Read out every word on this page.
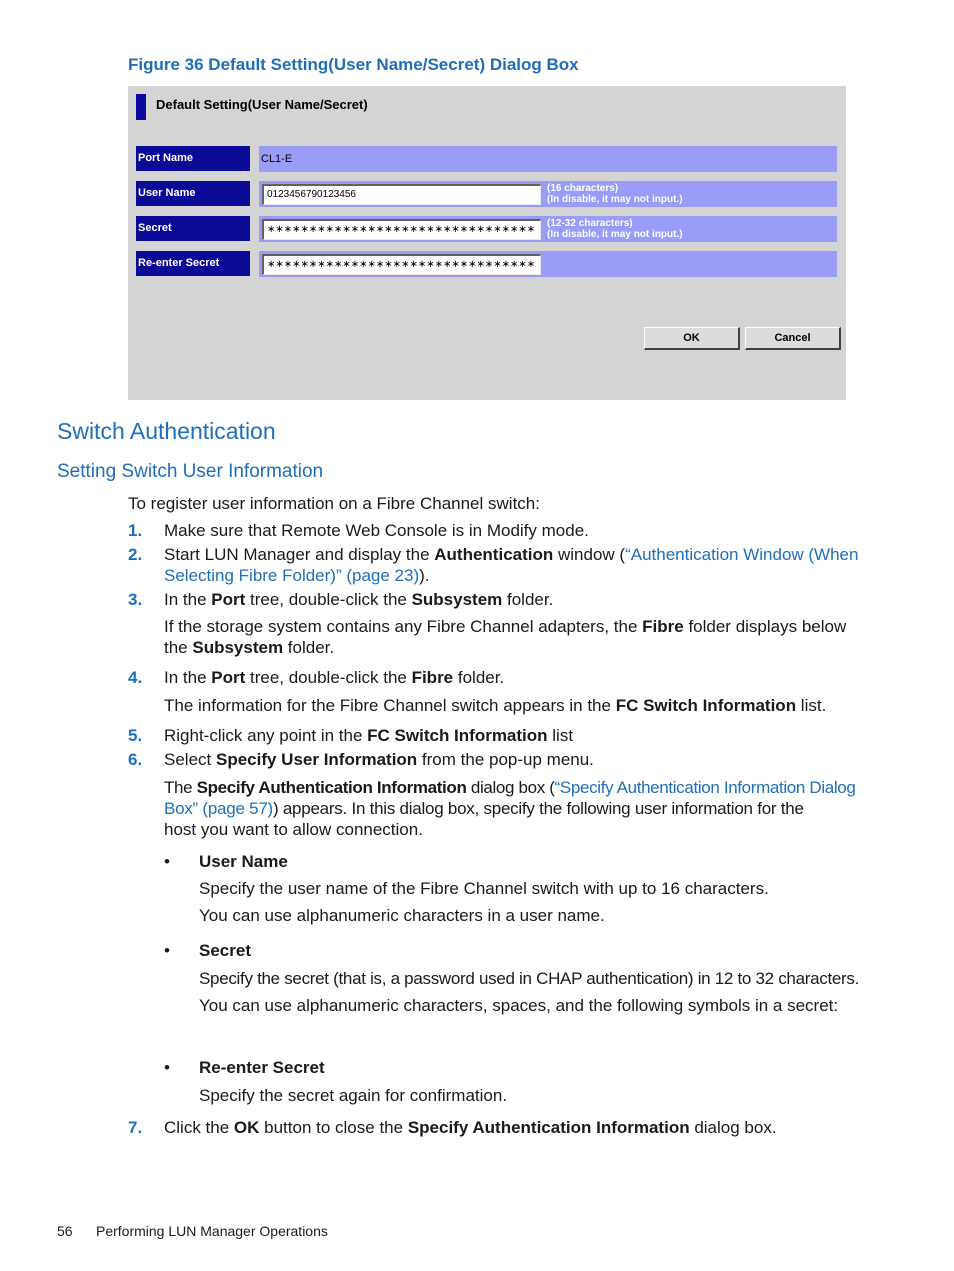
Figure 36 Default Setting(User Name/Secret) Dialog Box
Default Setting(User Name/Secret)
Port Name	CL1-E
User Name	0123456790123456
(16 characters)
(In disable, it may not input.)
Secret	∗∗∗∗∗∗∗∗∗∗∗∗∗∗∗∗∗∗∗∗∗∗∗∗∗∗∗∗∗∗∗∗
(12-32 characters)
(In disable, it may not input.)
Re-enter Secret	∗∗∗∗∗∗∗∗∗∗∗∗∗∗∗∗∗∗∗∗∗∗∗∗∗∗∗∗∗∗∗∗
OK	Cancel
Switch Authentication
Setting Switch User Information
To register user information on a Fibre Channel switch:
1. Make sure that Remote Web Console is in Modify mode.
2. Start LUN Manager and display the Authentication window (“Authentication Window (When
Selecting Fibre Folder)” (page 23)).
3. In the Port tree, double-click the Subsystem folder.
If the storage system contains any Fibre Channel adapters, the Fibre folder displays below
the Subsystem folder.
4. In the Port tree, double-click the Fibre folder.
The information for the Fibre Channel switch appears in the FC Switch Information list.
5. Right-click any point in the FC Switch Information list
6. Select Specify User Information from the pop-up menu.
The Specify Authentication Information dialog box (“Specify Authentication Information Dialog
Box” (page 57)) appears. In this dialog box, specify the following user information for the
host you want to allow connection.
• User Name
Specify the user name of the Fibre Channel switch with up to 16 characters.
You can use alphanumeric characters in a user name.
• Secret
Specify the secret (that is, a password used in CHAP authentication) in 12 to 32 characters.
You can use alphanumeric characters, spaces, and the following symbols in a secret:
• Re-enter Secret
Specify the secret again for confirmation.
7. Click the OK button to close the Specify Authentication Information dialog box.
56 Performing LUN Manager Operations
